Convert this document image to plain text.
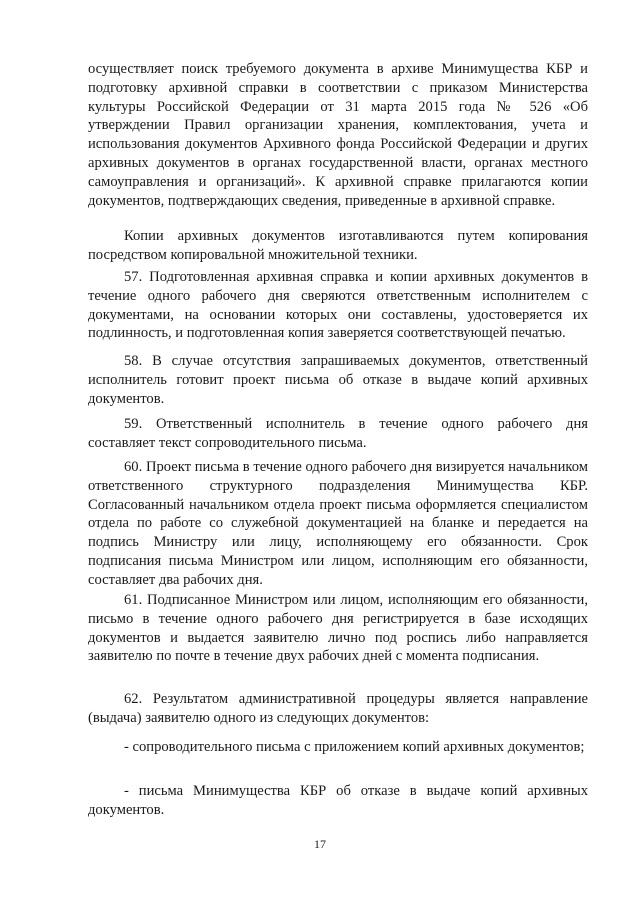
осуществляет поиск требуемого документа в архиве Минимущества КБР и подготовку архивной справки в соответствии с приказом Министерства культуры Российской Федерации от 31 марта 2015 года № 526 «Об утверждении Правил организации хранения, комплектования, учета и использования документов Архивного фонда Российской Федерации и других архивных документов в органах государственной власти, органах местного самоуправления и организаций». К архивной справке прилагаются копии документов, подтверждающих сведения, приведенные в архивной справке.

Копии архивных документов изготавливаются путем копирования посредством копировальной множительной техники.

57. Подготовленная архивная справка и копии архивных документов в течение одного рабочего дня сверяются ответственным исполнителем с документами, на основании которых они составлены, удостоверяется их подлинность, и подготовленная копия заверяется соответствующей печатью.

58. В случае отсутствия запрашиваемых документов, ответственный исполнитель готовит проект письма об отказе в выдаче копий архивных документов.

59. Ответственный исполнитель в течение одного рабочего дня составляет текст сопроводительного письма.

60. Проект письма в течение одного рабочего дня визируется начальником ответственного структурного подразделения Минимущества КБР. Согласованный начальником отдела проект письма оформляется специалистом отдела по работе со служебной документацией на бланке и передается на подпись Министру или лицу, исполняющему его обязанности. Срок подписания письма Министром или лицом, исполняющим его обязанности, составляет два рабочих дня.

61. Подписанное Министром или лицом, исполняющим его обязанности, письмо в течение одного рабочего дня регистрируется в базе исходящих документов и выдается заявителю лично под роспись либо направляется заявителю по почте в течение двух рабочих дней с момента подписания.

62. Результатом административной процедуры является направление (выдача) заявителю одного из следующих документов:

- сопроводительного письма с приложением копий архивных документов;

- письма Минимущества КБР об отказе в выдаче копий архивных документов.

17
